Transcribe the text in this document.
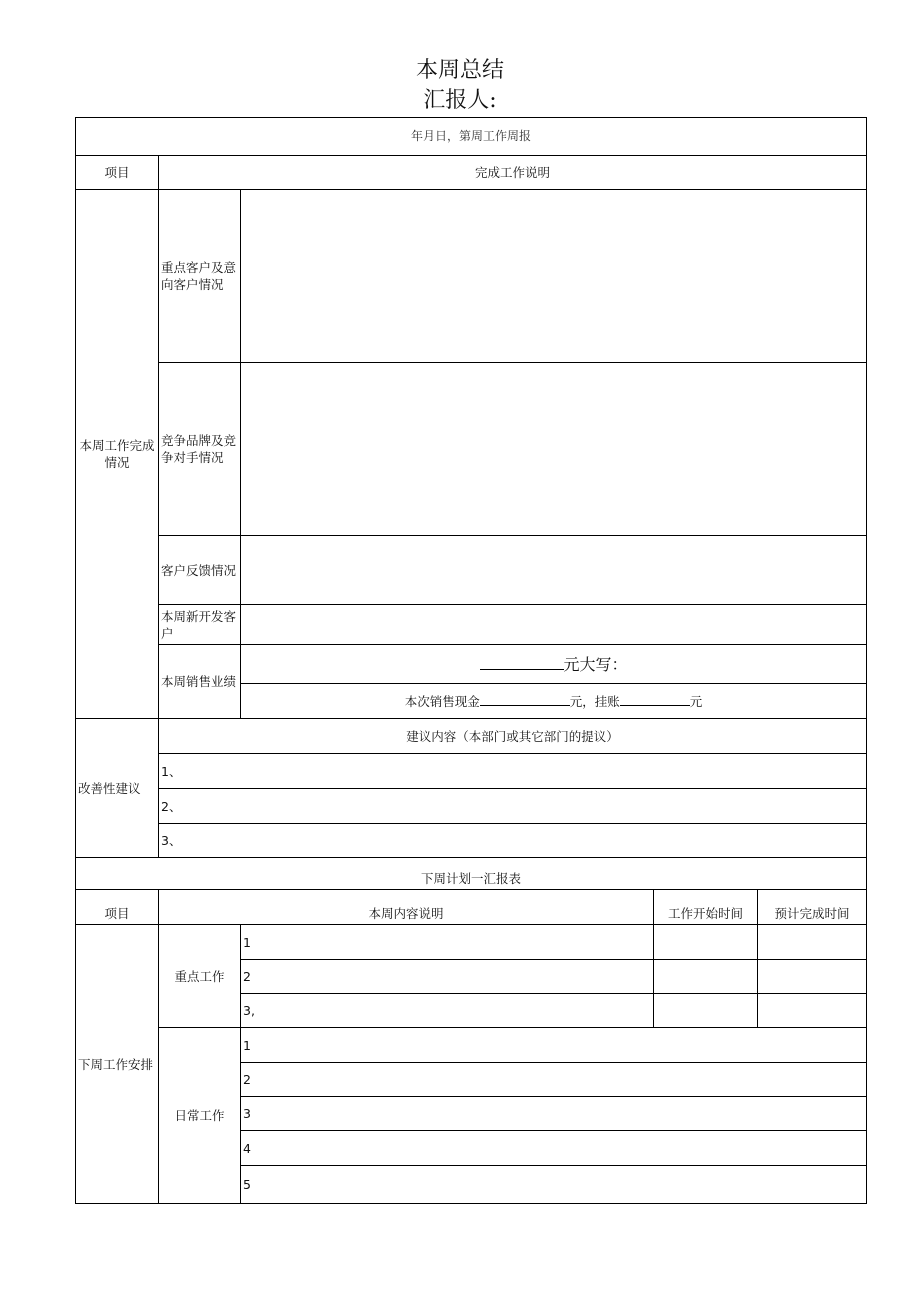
本周总结
汇报人:
年月日，第周工作周报				
项目	完成工作说明			
本周工作完成情况	重点客户及意向客户情况			
	竞争品牌及竞争对手情况			
	客户反馈情况			
	本周新开发客户			
	本周销售业绩	元大写：		
		本次销售现金 元，挂账 元		
改善性建议	建议内容（本部门或其它部门的提议）			
	1、			
	2、			
	3、			
下周计划一汇报表				
项目	本周内容说明		工作开始时间	预计完成时间
下周工作安排	重点工作	1		
		2		
		3,		
	日常工作	1		
		2		
		3		
		4		
		5		
